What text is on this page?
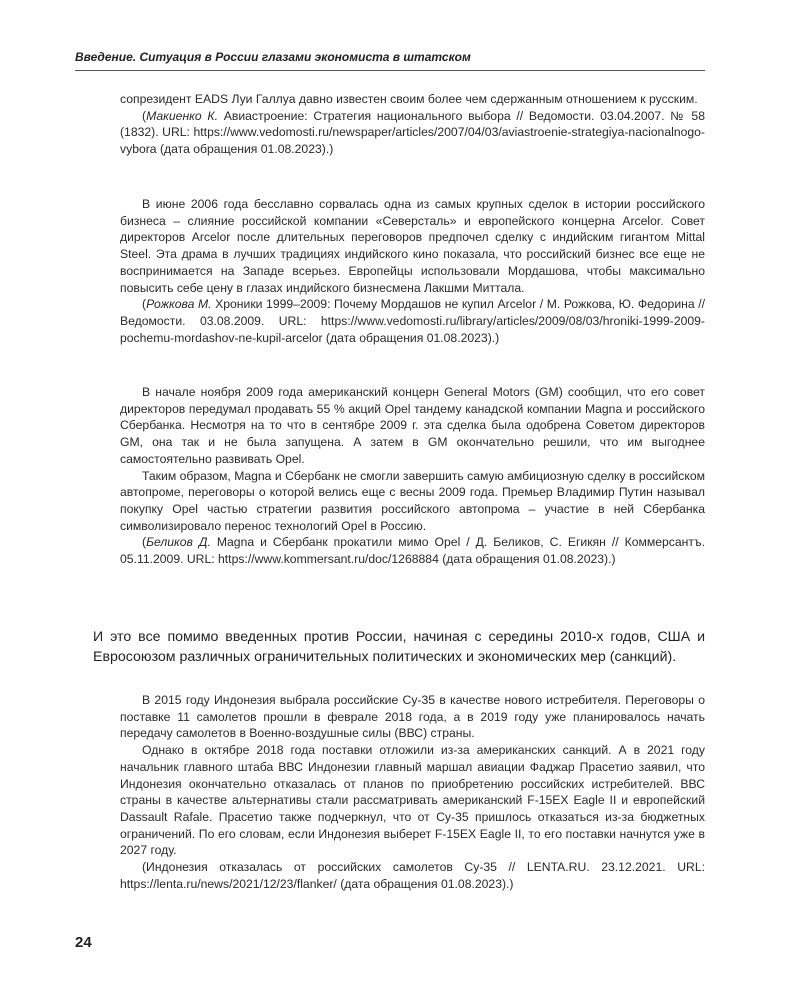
Введение. Ситуация в России глазами экономиста в штатском

сопрезидент EADS Луи Галлуа давно известен своим более чем сдержанным отношением к русским.

(Макиенко К. Авиастроение: Стратегия национального выбора // Ведомости. 03.04.2007. № 58 (1832). URL: https://www.vedomosti.ru/newspaper/articles/2007/04/03/aviastroenie-strategiya-nacionalnogo-vybora (дата обращения 01.08.2023).)

В июне 2006 года бесславно сорвалась одна из самых крупных сделок в истории российского бизнеса – слияние российской компании «Северсталь» и европейского концерна Arcelor. Совет директоров Arcelor после длительных переговоров предпочел сделку с индийским гигантом Mittal Steel. Эта драма в лучших традициях индийского кино показала, что российский бизнес все еще не воспринимается на Западе всерьез. Европейцы использовали Мордашова, чтобы максимально повысить себе цену в глазах индийского бизнесмена Лакшми Миттала.

(Рожкова М. Хроники 1999–2009: Почему Мордашов не купил Arcelor / М. Рожкова, Ю. Федорина // Ведомости. 03.08.2009. URL: https://www.vedomosti.ru/library/articles/2009/08/03/hroniki-1999-2009-pochemu-mordashov-ne-kupil-arcelor (дата обращения 01.08.2023).)

В начале ноября 2009 года американский концерн General Motors (GM) сообщил, что его совет директоров передумал продавать 55 % акций Opel тандему канадской компании Magna и российского Сбербанка. Несмотря на то что в сентябре 2009 г. эта сделка была одобрена Советом директоров GM, она так и не была запущена. А затем в GM окончательно решили, что им выгоднее самостоятельно развивать Opel.

Таким образом, Magna и Сбербанк не смогли завершить самую амбициозную сделку в российском автопроме, переговоры о которой велись еще с весны 2009 года. Премьер Владимир Путин называл покупку Opel частью стратегии развития российского автопрома – участие в ней Сбербанка символизировало перенос технологий Opel в Россию.

(Беликов Д. Magna и Сбербанк прокатили мимо Opel / Д. Беликов, С. Егикян // Коммерсантъ. 05.11.2009. URL: https://www.kommersant.ru/doc/1268884 (дата обращения 01.08.2023).)

И это все помимо введенных против России, начиная с середины 2010-х годов, США и Евросоюзом различных ограничительных политических и экономических мер (санкций).

В 2015 году Индонезия выбрала российские Су-35 в качестве нового истребителя. Переговоры о поставке 11 самолетов прошли в феврале 2018 года, а в 2019 году уже планировалось начать передачу самолетов в Военно-воздушные силы (ВВС) страны.

Однако в октябре 2018 года поставки отложили из-за американских санкций. А в 2021 году начальник главного штаба ВВС Индонезии главный маршал авиации Фаджар Прасетио заявил, что Индонезия окончательно отказалась от планов по приобретению российских истребителей. ВВС страны в качестве альтернативы стали рассматривать американский F-15EX Eagle II и европейский Dassault Rafale. Прасетио также подчеркнул, что от Су-35 пришлось отказаться из-за бюджетных ограничений. По его словам, если Индонезия выберет F-15EX Eagle II, то его поставки начнутся уже в 2027 году.

(Индонезия отказалась от российских самолетов Су-35 // LENTA.RU. 23.12.2021. URL: https://lenta.ru/news/2021/12/23/flanker/ (дата обращения 01.08.2023).)

24
